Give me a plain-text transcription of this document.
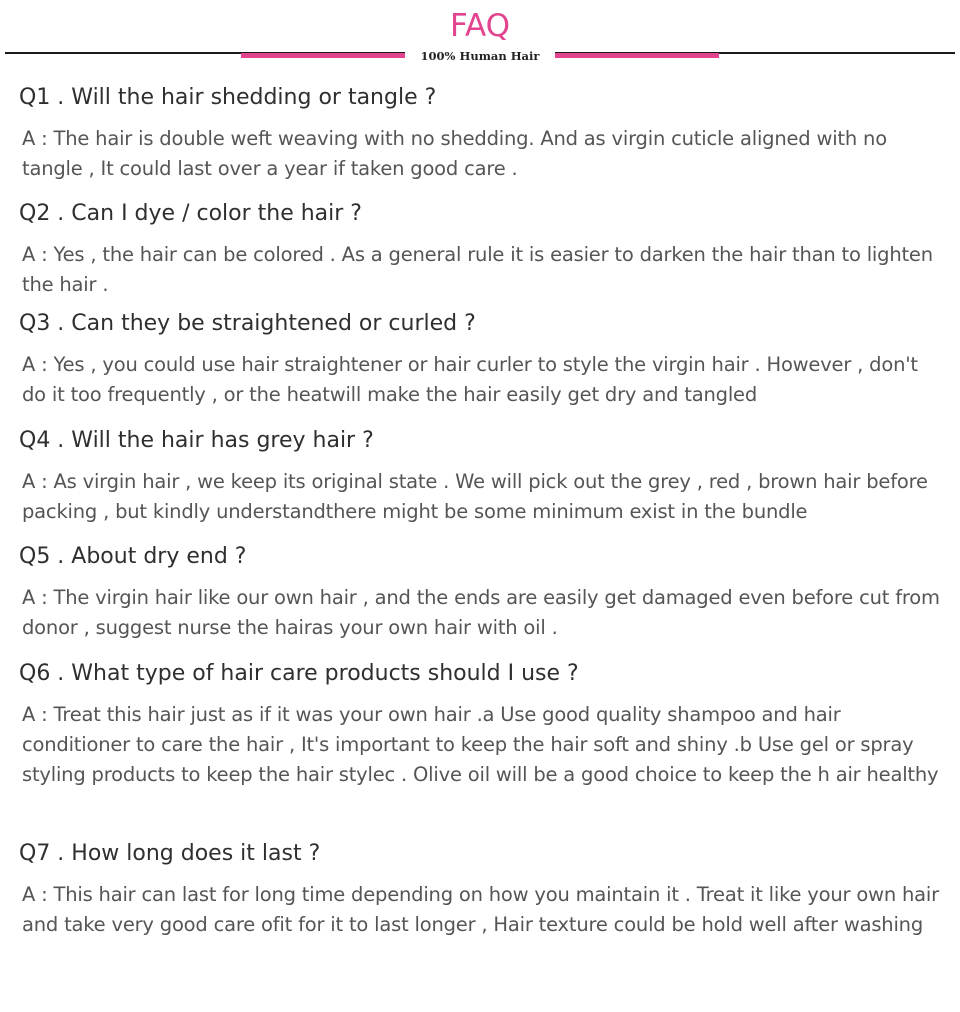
FAQ
100% Human Hair
Q1 . Will the hair shedding or tangle ?
A : The hair is double weft weaving with no shedding. And as virgin cuticle aligned with no tangle , It could last over a year if taken good care .
Q2 . Can I dye / color the hair ?
A : Yes , the hair can be colored . As a general rule it is easier to darken the hair than to lighten the hair .
Q3 . Can they be straightened or curled ?
A : Yes , you could use hair straightener or hair curler to style the virgin hair . However , don't do it too frequently , or the heatwill make the hair easily get dry and tangled
Q4 . Will the hair has grey hair ?
A : As virgin hair , we keep its original state . We will pick out the grey , red , brown hair before packing , but kindly understandthere might be some minimum exist in the bundle
Q5 . About dry end ?
A : The virgin hair like our own hair , and the ends are easily get damaged even before cut from donor , suggest nurse the hairas your own hair with oil .
Q6 . What type of hair care products should I use ?
A : Treat this hair just as if it was your own hair .a Use good quality shampoo and hair conditioner to care the hair , It's important to keep the hair soft and shiny .b Use gel or spray styling products to keep the hair stylec . Olive oil will be a good choice to keep the h air healthy
Q7 . How long does it last ?
A : This hair can last for long time depending on how you maintain it . Treat it like your own hair and take very good care ofit for it to last longer , Hair texture could be hold well after washing
